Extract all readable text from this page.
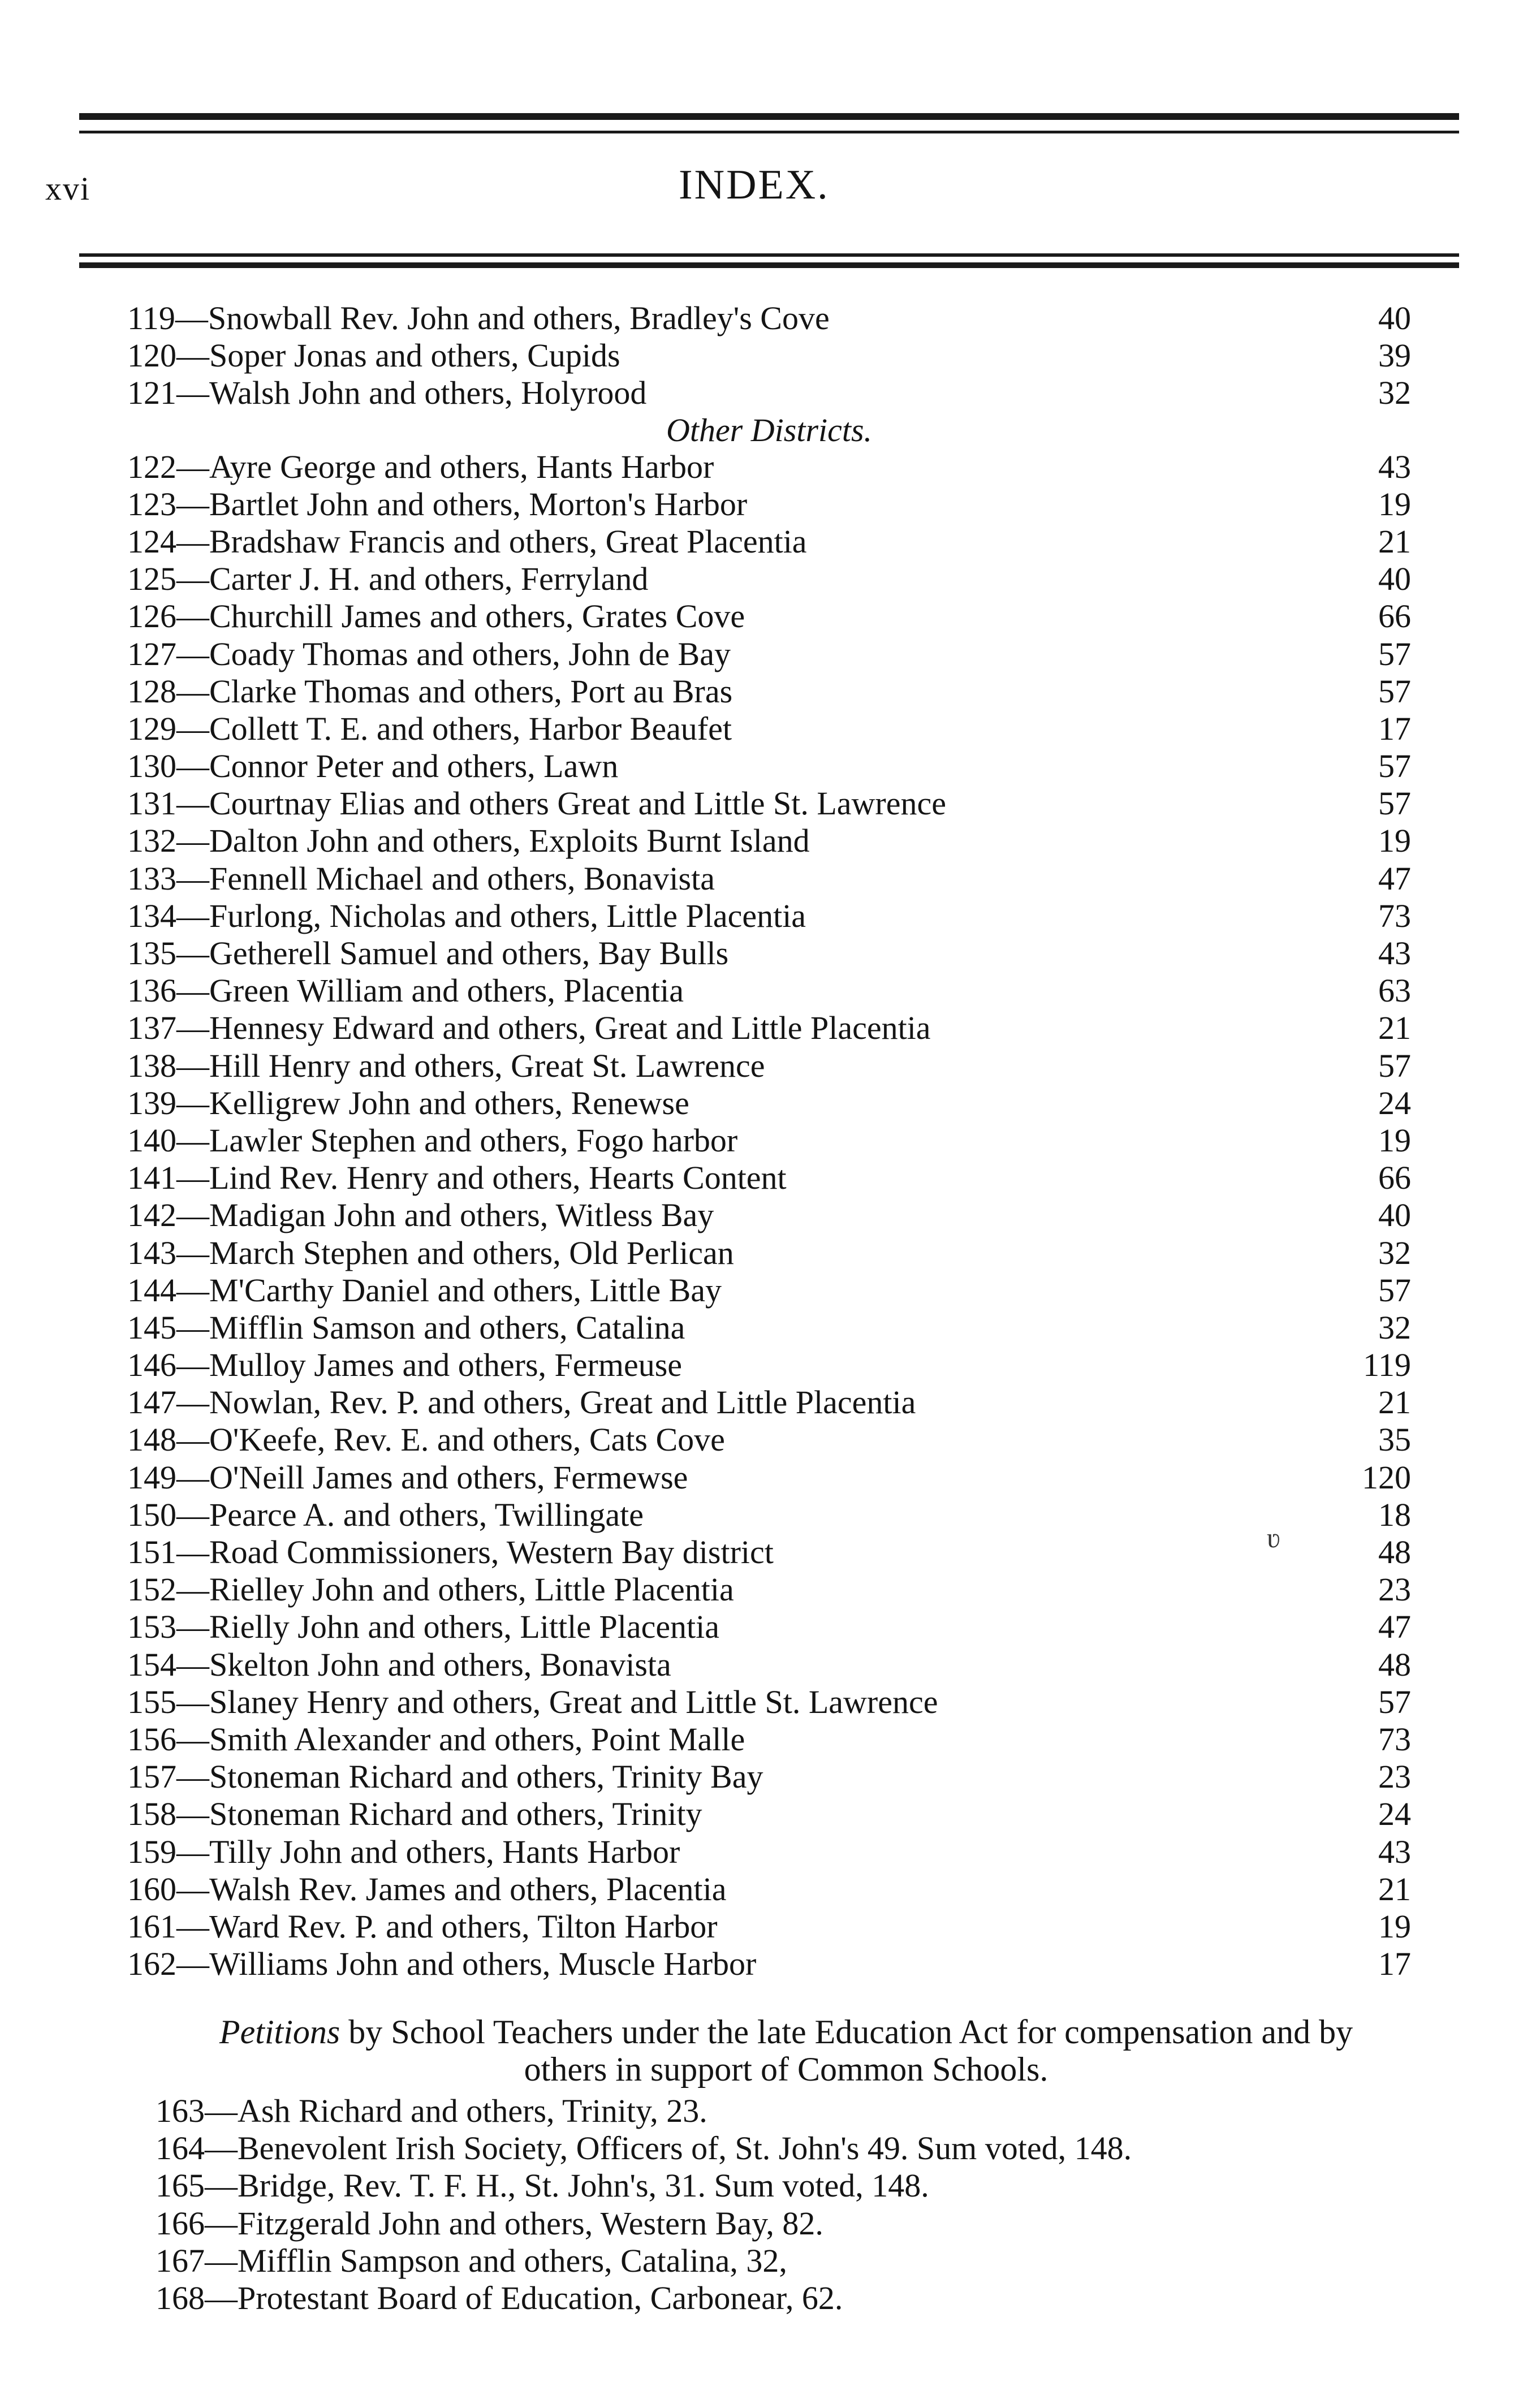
xvi	INDEX.
119—Snowball Rev. John and others, Bradley's Cove	40
120—Soper Jonas and others, Cupids	39
121—Walsh John and others, Holyrood	32
Other Districts.
122—Ayre George and others, Hants Harbor	43
123—Bartlet John and others, Morton's Harbor	19
124—Bradshaw Francis and others, Great Placentia	21
125—Carter J. H. and others, Ferryland	40
126—Churchill James and others, Grates Cove	66
127—Coady Thomas and others, John de Bay	57
128—Clarke Thomas and others, Port au Bras	57
129—Collett T. E. and others, Harbor Beaufet	17
130—Connor Peter and others, Lawn	57
131—Courtnay Elias and others Great and Little St. Lawrence	57
132—Dalton John and others, Exploits Burnt Island	19
133—Fennell Michael and others, Bonavista	47
134—Furlong, Nicholas and others, Little Placentia	73
135—Getherell Samuel and others, Bay Bulls	43
136—Green William and others, Placentia	63
137—Hennesy Edward and others, Great and Little Placentia	21
138—Hill Henry and others, Great St. Lawrence	57
139—Kelligrew John and others, Renewse	24
140—Lawler Stephen and others, Fogo harbor	19
141—Lind Rev. Henry and others, Hearts Content	66
142—Madigan John and others, Witless Bay	40
143—March Stephen and others, Old Perlican	32
144—M'Carthy Daniel and others, Little Bay	57
145—Mifflin Samson and others, Catalina	32
146—Mulloy James and others, Fermeuse	119
147—Nowlan, Rev. P. and others, Great and Little Placentia	21
148—O'Keefe, Rev. E. and others, Cats Cove	35
149—O'Neill James and others, Fermewse	120
150—Pearce A. and others, Twillingate	18
151—Road Commissioners, Western Bay district	48
152—Rielley John and others, Little Placentia	23
153—Rielly John and others, Little Placentia	47
154—Skelton John and others, Bonavista	48
155—Slaney Henry and others, Great and Little St. Lawrence	57
156—Smith Alexander and others, Point Malle	73
157—Stoneman Richard and others, Trinity Bay	23
158—Stoneman Richard and others, Trinity	24
159—Tilly John and others, Hants Harbor	43
160—Walsh Rev. James and others, Placentia	21
161—Ward Rev. P. and others, Tilton Harbor	19
162—Williams John and others, Muscle Harbor	17
ʋ
Petitions by School Teachers under the late Education Act for compensation and by
others in support of Common Schools.
163—Ash Richard and others, Trinity, 23.
164—Benevolent Irish Society, Officers of, St. John's 49. Sum voted, 148.
165—Bridge, Rev. T. F. H., St. John's, 31. Sum voted, 148.
166—Fitzgerald John and others, Western Bay, 82.
167—Mifflin Sampson and others, Catalina, 32,
168—Protestant Board of Education, Carbonear, 62.
